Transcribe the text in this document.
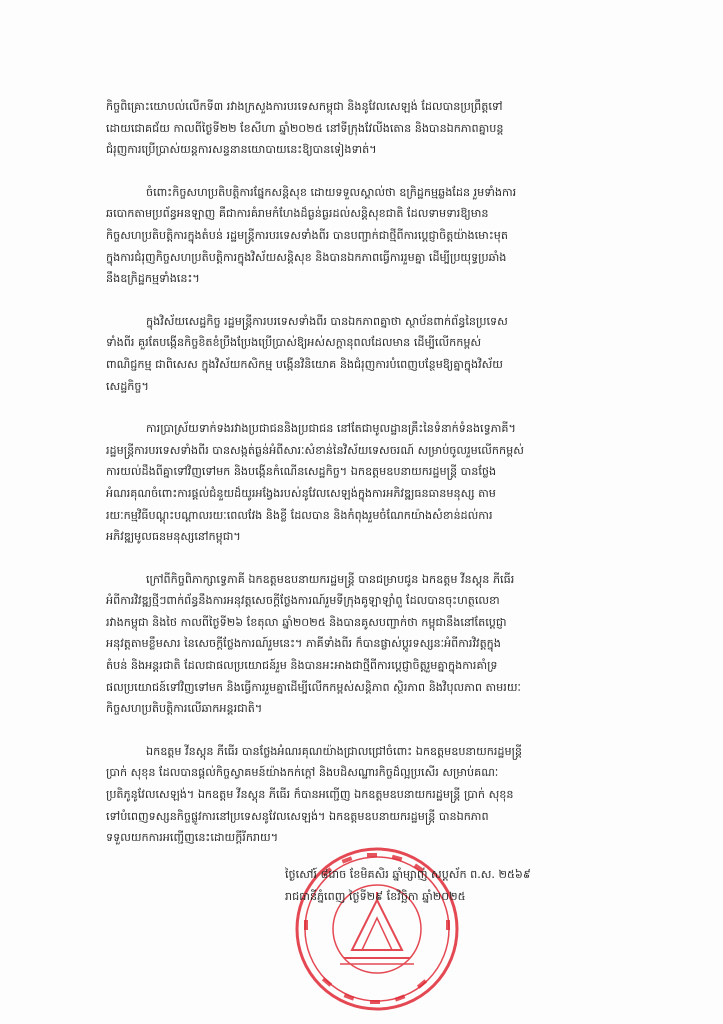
កិច្ចពិគ្រោះយោបល់លើកទី៣ រវាងក្រសួងការបរទេសកម្ពុជា និងនូវែលសេឡង់ ដែលបានប្រព្រឹត្តទៅ
ដោយជោគជ័យ កាលពីថ្ងៃទី២២ ខែសីហា ឆ្នាំ២០២៥ នៅទីក្រុងវែលីងតោន និងបានឯកភាពគ្នាបន្ត
ជំរុញការប្រើប្រាស់យន្តការសន្ទនានយោបាយនេះឱ្យបានទៀងទាត់។

ចំពោះកិច្ចសហប្រតិបត្តិការផ្នែកសន្តិសុខ ដោយទទួលស្គាល់ថា ឧក្រិដ្ឋកម្មឆ្លងដែន រួមទាំងការ
ឆបោកតាមប្រព័ន្ធអនឡាញ គឺជាការគំរាមកំហែងដ៏ធ្ងន់ធ្ងរដល់សន្តិសុខជាតិ ដែលទាមទារឱ្យមាន
កិច្ចសហប្រតិបត្តិការក្នុងតំបន់ រដ្ឋមន្ត្រីការបរទេសទាំងពីរ បានបញ្ជាក់ជាថ្មីពីការប្តេជ្ញាចិត្តយ៉ាងមោះមុត
ក្នុងការជំរុញកិច្ចសហប្រតិបត្តិការក្នុងវិស័យសន្តិសុខ និងបានឯកភាពធ្វើការរួមគ្នា ដើម្បីប្រយុទ្ធប្រឆាំង
នឹងឧក្រិដ្ឋកម្មទាំងនេះ។

ក្នុងវិស័យសេដ្ឋកិច្ច រដ្ឋមន្ត្រីការបរទេសទាំងពីរ បានឯកភាពគ្នាថា ស្ថាប័នពាក់ព័ន្ធនៃប្រទេស
ទាំងពីរ គួរតែបង្កើនកិច្ចខិតខំប្រឹងប្រែងប្រើប្រាស់ឱ្យអស់សក្តានុពលដែលមាន ដើម្បីលើកកម្ពស់
ពាណិជ្ជកម្ម ជាពិសេស ក្នុងវិស័យកសិកម្ម បង្កើនវិនិយោគ និងជំរុញការបំពេញបន្ថែមឱ្យគ្នាក្នុងវិស័យ
សេដ្ឋកិច្ច។

ការប្រាស្រ័យទាក់ទងរវាងប្រជាជននិងប្រជាជន នៅតែជាមូលដ្ឋានគ្រឹះនៃទំនាក់ទំនងទ្វេភាគី។
រដ្ឋមន្ត្រីការបរទេសទាំងពីរ បានសង្កត់ធ្ងន់អំពីសារៈសំខាន់នៃវិស័យទេសចរណ៍ សម្រាប់ចូលរួមលើកកម្ពស់
ការយល់ដឹងពីគ្នាទៅវិញទៅមក និងបង្កើនកំណើនសេដ្ឋកិច្ច។ ឯកឧត្តមឧបនាយករដ្ឋមន្ត្រី បានថ្លែង
អំណរគុណចំពោះការផ្តល់ជំនួយដ៏យូរអង្វែងរបស់នូវែលសេឡង់ក្នុងការអភិវឌ្ឍធនធានមនុស្ស តាម
រយៈកម្មវិធីបណ្តុះបណ្តាលរយៈពេលវែង និងខ្លី ដែលបាន និងកំពុងរួមចំណែកយ៉ាងសំខាន់ដល់ការ
អភិវឌ្ឍមូលធនមនុស្សនៅកម្ពុជា។

ក្រៅពីកិច្ចពិភាក្សាទ្វេភាគី ឯកឧត្តមឧបនាយករដ្ឋមន្ត្រី បានជម្រាបជូន ឯកឧត្តម វីនស្តុន ភីធើរ
អំពីការវិវឌ្ឍថ្មីៗពាក់ព័ន្ធនឹងការអនុវត្តសេចក្តីថ្លែងការណ៍រួមទីក្រុងគូឡាឡាំពួ ដែលបានចុះហត្ថលេខា
រវាងកម្ពុជា និងថៃ កាលពីថ្ងៃទី២៦ ខែតុលា ឆ្នាំ២០២៥ និងបានគូសបញ្ជាក់ថា កម្ពុជានឹងនៅតែប្តេជ្ញា
អនុវត្តតាមខ្លឹមសារ នៃសេចក្តីថ្លែងការណ៍រួមនេះ។ ភាគីទាំងពីរ ក៏បានផ្លាស់ប្តូរទស្សនៈអំពីការវិវត្តក្នុង
តំបន់ និងអន្តរជាតិ ដែលជាផលប្រយោជន៍រួម និងបានអះអាងជាថ្មីពីការប្តេជ្ញាចិត្តរួមគ្នាក្នុងការគាំទ្រ
ផលប្រយោជន៍ទៅវិញទៅមក និងធ្វើការរួមគ្នាដើម្បីលើកកម្ពស់សន្តិភាព ស្ថិរភាព និងវិបុលភាព តាមរយៈ
កិច្ចសហប្រតិបត្តិការលើឆាកអន្តរជាតិ។

ឯកឧត្តម វីនស្តុន ភីធើរ បានថ្លែងអំណរគុណយ៉ាងជ្រាលជ្រៅចំពោះ ឯកឧត្តមឧបនាយករដ្ឋមន្ត្រី
ប្រាក់ សុខុន ដែលបានផ្តល់កិច្ចស្វាគមន៍យ៉ាងកក់ក្តៅ និងបដិសណ្ឋារកិច្ចដ៏ល្អប្រសើរ សម្រាប់គណៈ
ប្រតិភូនូវែលសេឡង់។ ឯកឧត្តម វីនស្តុន ភីធើរ ក៏បានអញ្ជើញ ឯកឧត្តមឧបនាយករដ្ឋមន្ត្រី ប្រាក់ សុខុន
ទៅបំពេញទស្សនកិច្ចផ្លូវការនៅប្រទេសនូវែលសេឡង់។ ឯកឧត្តមឧបនាយករដ្ឋមន្ត្រី បានឯកភាព
ទទួលយកការអញ្ជើញនេះដោយក្តីរីករាយ។

ថ្ងៃសៅរ៍ ៨រោច ខែមិគសិរ ឆ្នាំម្សាញ់ សប្តស័ក ព.ស. ២៥៦៩
រាជធានីភ្នំពេញ ថ្ងៃទី២៩ ខែវិច្ឆិកា ឆ្នាំ២០២៥
